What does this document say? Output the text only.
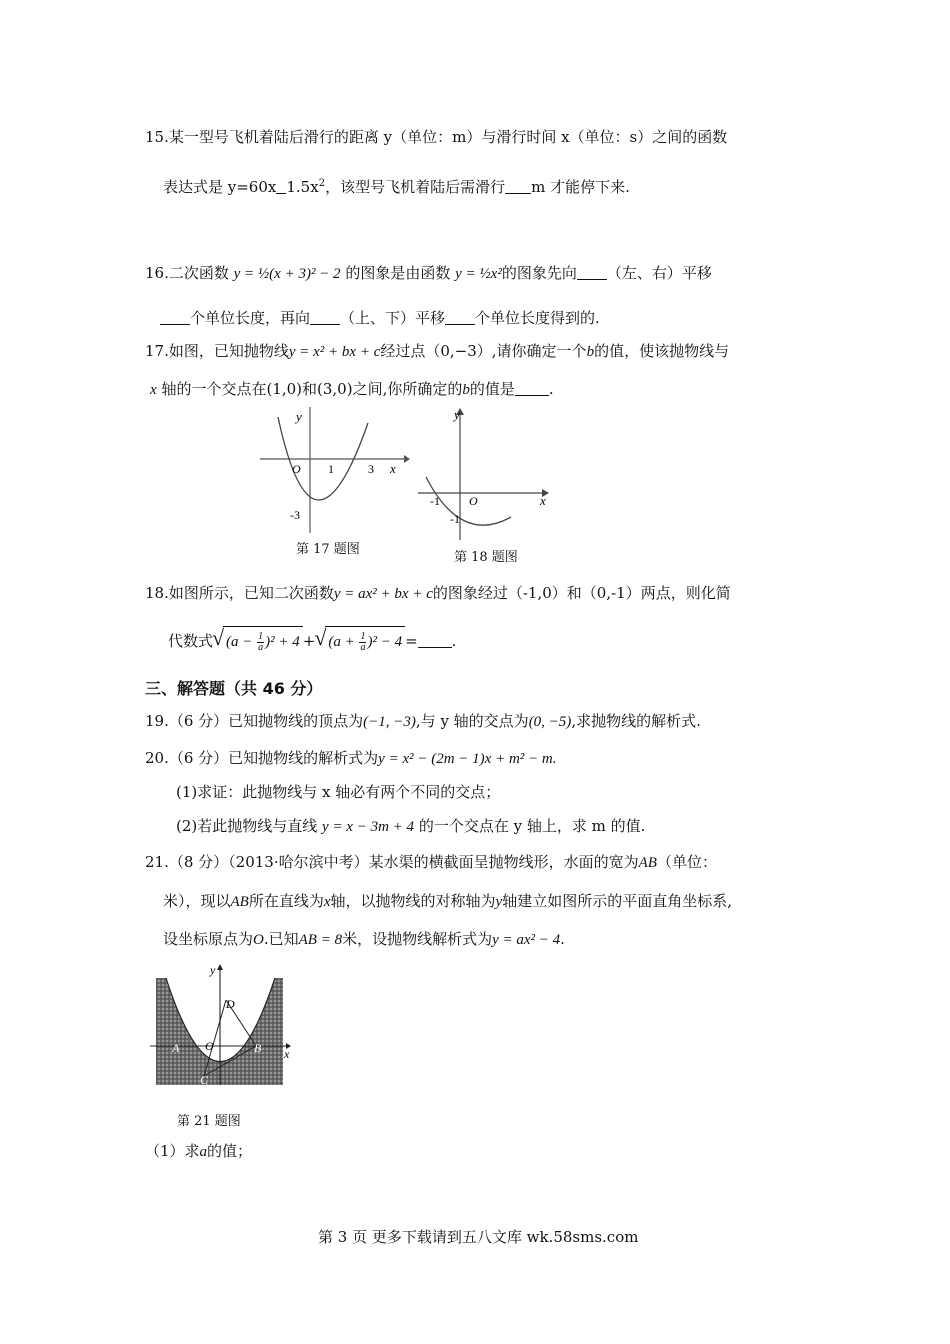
15.某一型号飞机着陆后滑行的距离 y（单位：m）与滑行时间 x（单位：s）之间的函数
表达式是 y=60x $1.5x^2$，该型号飞机着陆后需滑行 m 才能停下来.
16.二次函数 y = ½(x + 3)² − 2 的图象是由函数 y = ½x²的图象先向 （左、右）平移
个单位长度，再向 （上、下）平移 个单位长度得到的.
17.如图，已知抛物线y = x² + bx + c经过点（0,−3）,请你确定一个b的值，使该抛物线与
x 轴的一个交点在(1,0)和(3,0)之间,你所确定的b的值是 .
y
O 1	3 x
-3
第 17 题图
y
-1 O	x
-1
第 18 题图
18.如图所示，已知二次函数y = ax² + bx + c的图象经过（-1,0）和（0,-1）两点，则化简
代数式 √ $(a - \frac{1}{a} )^2 + 4$ + √ $(a + \frac{1}{a} )^2 - 4$ = .
三、解答题（共 46 分）
19.（6 分）已知抛物线的顶点为(−1, −3),与 y 轴的交点为(0, −5),求抛物线的解析式.
20.（6 分）已知抛物线的解析式为y = x² − (2m − 1)x + m² − m.
(1)求证：此抛物线与 x 轴必有两个不同的交点；
(2)若此抛物线与直线 y = x − 3m + 4 的一个交点在 y 轴上，求 m 的值.
21.（8 分）（2013·哈尔滨中考）某水渠的横截面呈抛物线形，水面的宽为AB（单位：
米），现以AB所在直线为x轴，以抛物线的对称轴为y轴建立如图所示的平面直角坐标系,
设坐标原点为O.已知AB = 8米，设抛物线解析式为y = ax² − 4.
y
D
A O	B x
C
第 21 题图
（1）求a的值；
第 3 页 更多下载请到五八文库 wk.58sms.com
